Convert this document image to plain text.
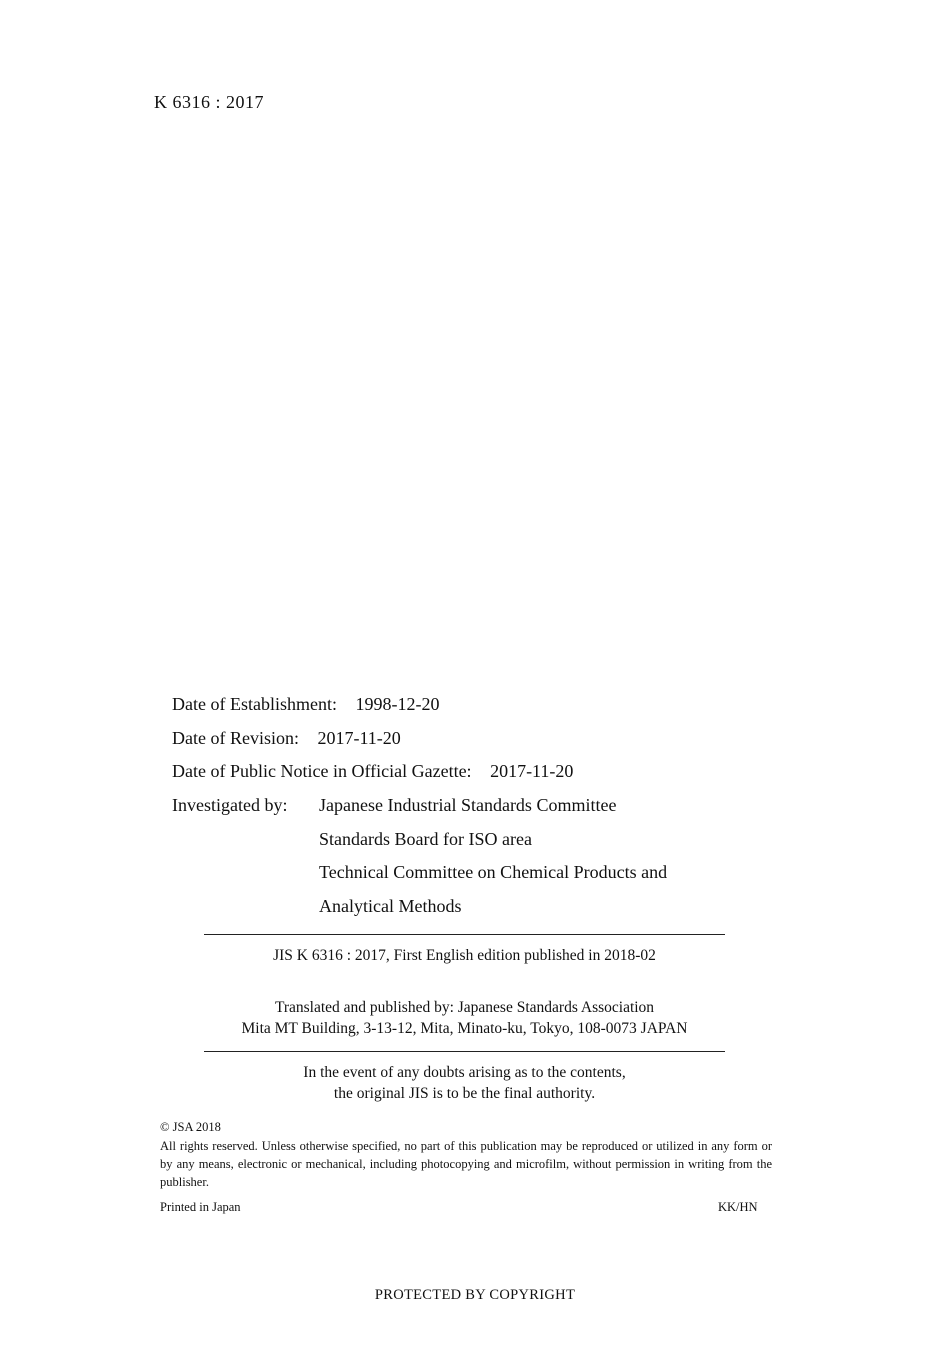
K 6316 : 2017
Date of Establishment: 1998-12-20
Date of Revision: 2017-11-20
Date of Public Notice in Official Gazette: 2017-11-20
Investigated by: Japanese Industrial Standards Committee
Standards Board for ISO area
Technical Committee on Chemical Products and
Analytical Methods
JIS K 6316 : 2017, First English edition published in 2018-02
Translated and published by: Japanese Standards Association
Mita MT Building, 3-13-12, Mita, Minato-ku, Tokyo, 108-0073 JAPAN
In the event of any doubts arising as to the contents,
the original JIS is to be the final authority.
© JSA 2018
All rights reserved. Unless otherwise specified, no part of this publication may be reproduced or utilized in any form or by any means, electronic or mechanical, including photocopying and microfilm, without permission in writing from the publisher.
Printed in Japan	KK/HN
PROTECTED BY COPYRIGHT
